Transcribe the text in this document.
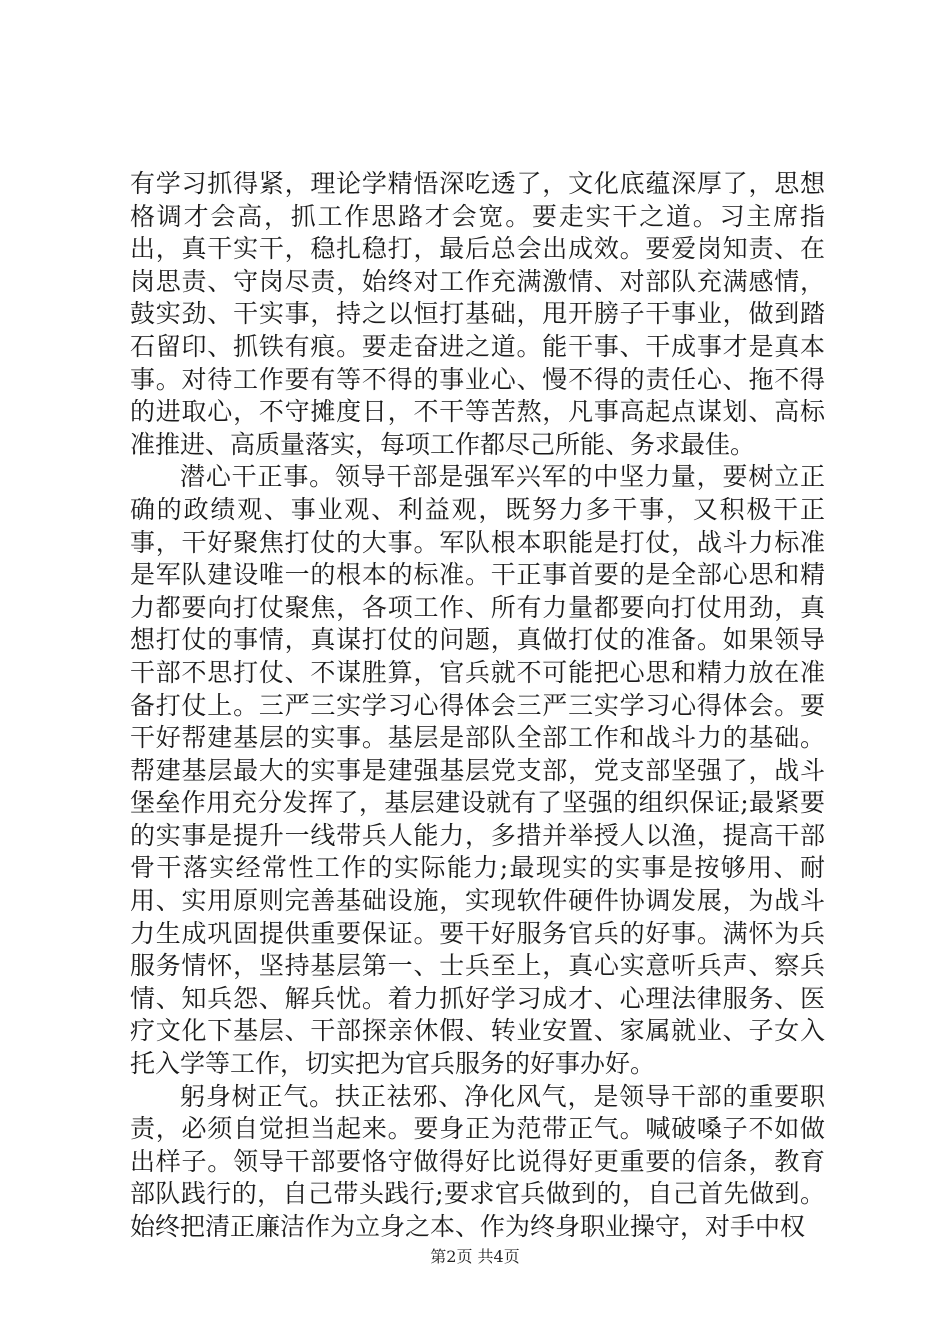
有学习抓得紧，理论学精悟深吃透了，文化底蕴深厚了，思想格调才会高，抓工作思路才会宽。要走实干之道。习主席指出，真干实干，稳扎稳打，最后总会出成效。要爱岗知责、在岗思责、守岗尽责，始终对工作充满激情、对部队充满感情，鼓实劲、干实事，持之以恒打基础，甩开膀子干事业，做到踏石留印、抓铁有痕。要走奋进之道。能干事、干成事才是真本事。对待工作要有等不得的事业心、慢不得的责任心、拖不得的进取心，不守摊度日，不干等苦熬，凡事高起点谋划、高标准推进、高质量落实，每项工作都尽己所能、务求最佳。

潜心干正事。领导干部是强军兴军的中坚力量，要树立正确的政绩观、事业观、利益观，既努力多干事，又积极干正事，干好聚焦打仗的大事。军队根本职能是打仗，战斗力标准是军队建设唯一的根本的标准。干正事首要的是全部心思和精力都要向打仗聚焦，各项工作、所有力量都要向打仗用劲，真想打仗的事情，真谋打仗的问题，真做打仗的准备。如果领导干部不思打仗、不谋胜算，官兵就不可能把心思和精力放在准备打仗上。三严三实学习心得体会三严三实学习心得体会。要干好帮建基层的实事。基层是部队全部工作和战斗力的基础。帮建基层最大的实事是建强基层党支部，党支部坚强了，战斗堡垒作用充分发挥了，基层建设就有了坚强的组织保证;最紧要的实事是提升一线带兵人能力，多措并举授人以渔，提高干部骨干落实经常性工作的实际能力;最现实的实事是按够用、耐用、实用原则完善基础设施，实现软件硬件协调发展，为战斗力生成巩固提供重要保证。要干好服务官兵的好事。满怀为兵服务情怀，坚持基层第一、士兵至上，真心实意听兵声、察兵情、知兵怨、解兵忧。着力抓好学习成才、心理法律服务、医疗文化下基层、干部探亲休假、转业安置、家属就业、子女入托入学等工作，切实把为官兵服务的好事办好。

躬身树正气。扶正祛邪、净化风气，是领导干部的重要职责，必须自觉担当起来。要身正为范带正气。喊破嗓子不如做出样子。领导干部要恪守做得好比说得好更重要的信条，教育部队践行的，自己带头践行;要求官兵做到的，自己首先做到。始终把清正廉洁作为立身之本、作为终身职业操守，对手中权

第2页 共4页
